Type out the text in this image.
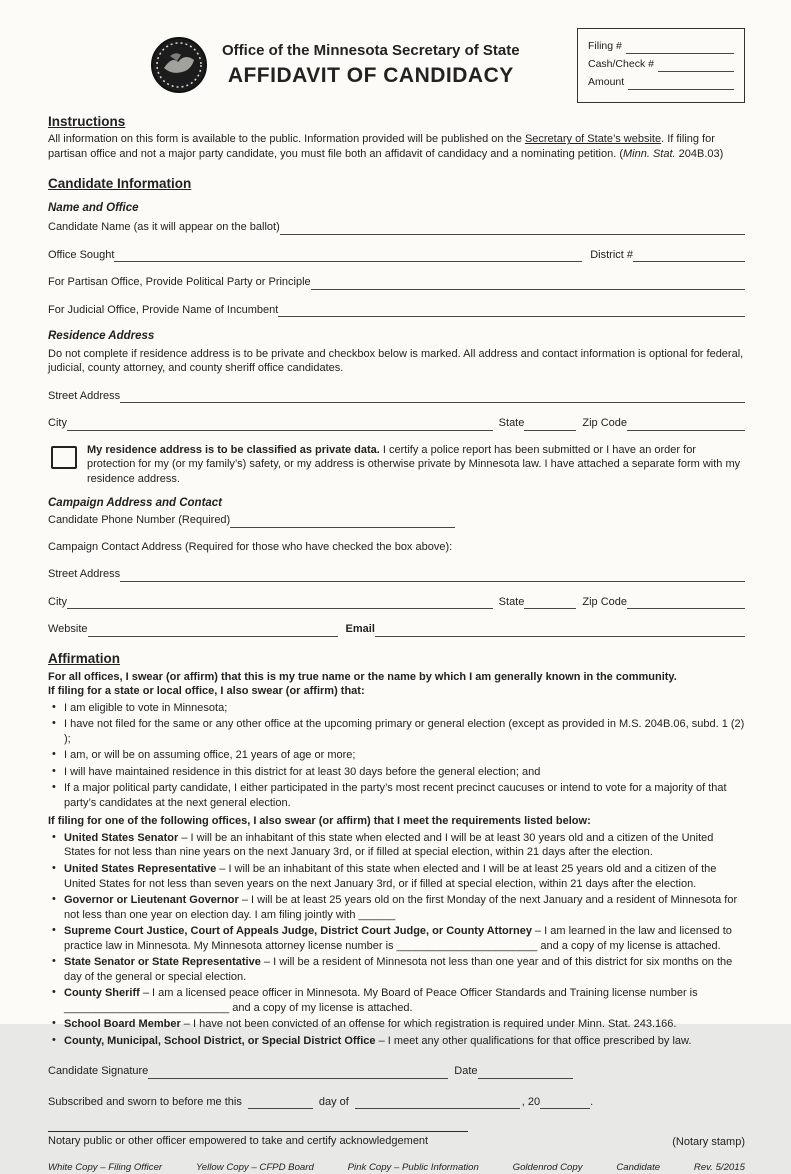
Office of the Minnesota Secretary of State
AFFIDAVIT OF CANDIDACY
Filing #
Cash/Check #
Amount
Instructions
All information on this form is available to the public. Information provided will be published on the Secretary of State’s website. If filing for partisan office and not a major party candidate, you must file both an affidavit of candidacy and a nominating petition. (Minn. Stat. 204B.03)
Candidate Information
Name and Office
Candidate Name (as it will appear on the ballot)
Office Sought	District #
For Partisan Office, Provide Political Party or Principle
For Judicial Office, Provide Name of Incumbent
Residence Address
Do not complete if residence address is to be private and checkbox below is marked. All address and contact information is optional for federal, judicial, county attorney, and county sheriff office candidates.
Street Address
City	State	Zip Code
My residence address is to be classified as private data. I certify a police report has been submitted or I have an order for protection for my (or my family’s) safety, or my address is otherwise private by Minnesota law. I have attached a separate form with my residence address.
Campaign Address and Contact
Candidate Phone Number (Required)
Campaign Contact Address (Required for those who have checked the box above):
Street Address
City	State	Zip Code
Website	Email
Affirmation
For all offices, I swear (or affirm) that this is my true name or the name by which I am generally known in the community.
If filing for a state or local office, I also swear (or affirm) that:
• I am eligible to vote in Minnesota;
• I have not filed for the same or any other office at the upcoming primary or general election (except as provided in M.S. 204B.06, subd. 1 (2) );
• I am, or will be on assuming office, 21 years of age or more;
• I will have maintained residence in this district for at least 30 days before the general election; and
• If a major political party candidate, I either participated in the party’s most recent precinct caucuses or intend to vote for a majority of that party’s candidates at the next general election.
If filing for one of the following offices, I also swear (or affirm) that I meet the requirements listed below:
• United States Senator – I will be an inhabitant of this state when elected and I will be at least 30 years old and a citizen of the United States for not less than nine years on the next January 3rd, or if filled at special election, within 21 days after the election.
• United States Representative – I will be an inhabitant of this state when elected and I will be at least 25 years old and a citizen of the United States for not less than seven years on the next January 3rd, or if filled at special election, within 21 days after the election.
• Governor or Lieutenant Governor – I will be at least 25 years old on the first Monday of the next January and a resident of Minnesota for not less than one year on election day. I am filing jointly with ______
• Supreme Court Justice, Court of Appeals Judge, District Court Judge, or County Attorney – I am learned in the law and licensed to practice law in Minnesota. My Minnesota attorney license number is _______________________ and a copy of my license is attached.
• State Senator or State Representative – I will be a resident of Minnesota not less than one year and of this district for six months on the day of the general or special election.
• County Sheriff – I am a licensed peace officer in Minnesota. My Board of Peace Officer Standards and Training license number is ___________________________ and a copy of my license is attached.
• School Board Member – I have not been convicted of an offense for which registration is required under Minn. Stat. 243.166.
• County, Municipal, School District, or Special District Office – I meet any other qualifications for that office prescribed by law.
Candidate Signature	Date
Subscribed and sworn to before me this	day of	, 20	.
Notary public or other officer empowered to take and certify acknowledgement	(Notary stamp)
White Copy – Filing Officer	Yellow Copy – CFPD Board	Pink Copy – Public Information	Goldenrod Copy	Candidate	Rev. 5/2015
